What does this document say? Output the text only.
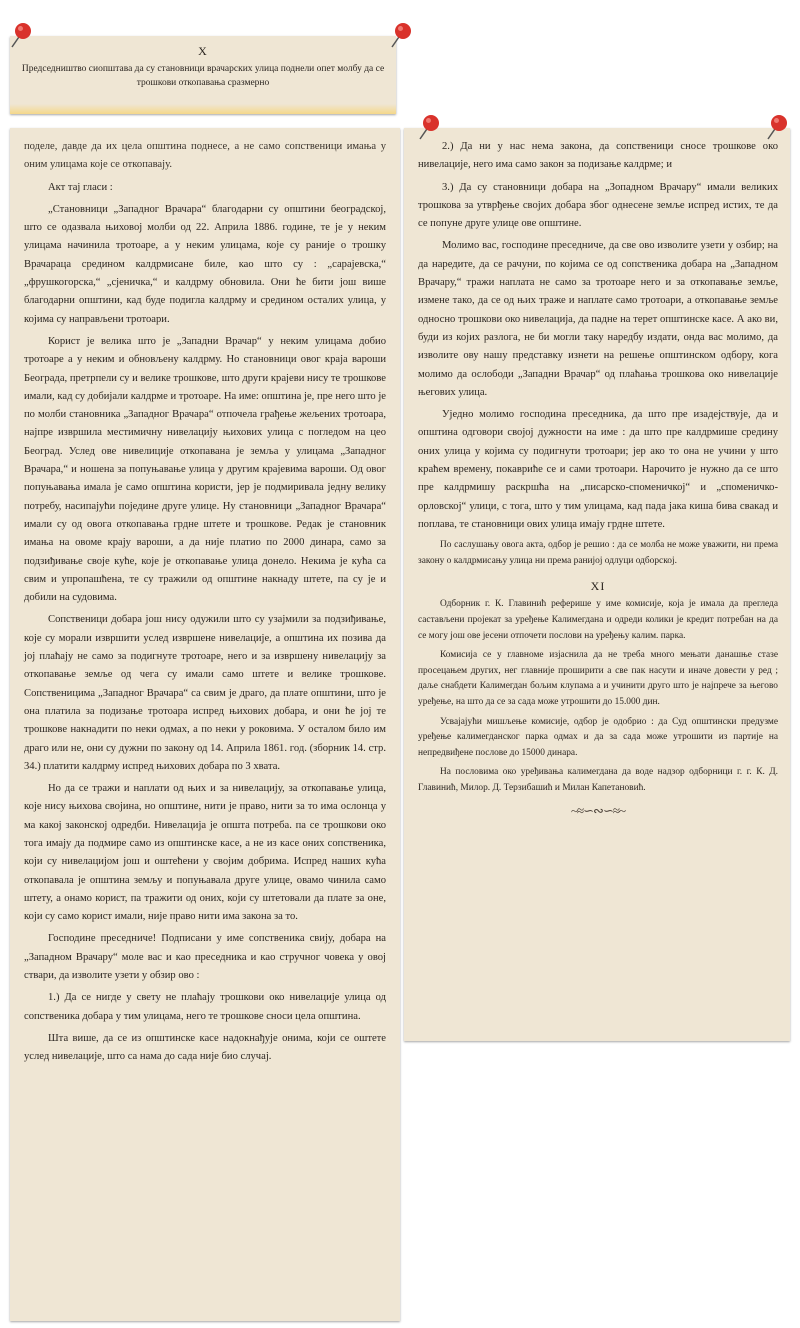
X

Председништво сиопштава да су становници врачарских улица поднели опет молбу да се трошкови откопавања сразмерно

поделе, давде да их цела општина поднесе, а не само сопственици имања у оним улицама које се откопавају.

Акт тај гласи :

„Становници „Западног Врачара“ благодарни су општини београдској, што се одазвала њиховој молби од 22. Априла 1886. године, те је у неким улицама начинила тротоаре, а у неким улицама, које су раније о трошку Врачараца средином калдрмисане биле, као што су : „сарајевска,“ „фрушкогорска,“ „сјеничка,“ и калдрму обновила. Они ће бити још више благодарни општини, кад буде подигла калдрму и средином осталих улица, у којима су направљени тротоари.

Корист је велика што је „Западни Врачар“ у неким улицама добио тротоаре а у неким и обновљену калдрму. Но становници овог краја вароши Београда, претрпели су и велике трошкове, што други крајеви нису те трошкове имали, кад су добијали калдрме и тротоаре. На име: општина је, пре него што је по молби становника „Западног Врачара“ отпочела грађење жељених тротоара, најпре извршила местимичну нивелацију њихових улица с погледом на цео Београд. Услед ове нивелиције откопавана је земља у улицама „Западног Врачара,“ и ношена за попуњавање улица у другим крајевима вароши. Од овог попуњавања имала је само општина користи, јер је подмиривала једну велику потребу, насипајући поједине друге улице. Ну становници „Западног Врачара“ имали су од овога откопавања грдне штете и трошкове. Редак је становник имања на овоме крају вароши, а да није платио по 2000 динара, само за подзиђивање своје куће, које је откопавање улица донело. Некима је кућа са свим и упропашћена, те су тражили од општине накнаду штете, па су је и добили на судовима.

Сопственици добара још нису одужили што су узајмили за подзиђивање, које су морали извршити услед извршене нивелације, а општина их позива да јој плаћају не само за подигнуте тротоаре, него и за извршену нивелацију за откопавање земље од чега су имали само штете и велике трошкове. Сопственицима „Западног Врачара“ са свим је драго, да плате општини, што је она платила за подизање тротоара испред њихових добара, и они ће јој те трошкове накнадити по неки одмах, а по неки у роковима. У осталом било им драго или не, они су дужни по закону од 14. Априла 1861. год. (зборник 14. стр. 34.) платити калдрму испред њихових добара по 3 хвата.

Но да се тражи и наплати од њих и за нивелацију, за откопавање улица, које нису њихова својина, но општине, нити је право, нити за то има ослонца у ма какој законској одредби. Нивелација је општа потреба. па се трошкови око тога имају да подмире само из општинске касе, а не из касе оних сопственика, који су нивелацијом још и оштећени у својим добрима. Испред наших кућа откопавала је општина земљу и попуњавала друге улице, овамо чинила само штету, а онамо корист, па тражити од оних, који су штетовали да плате за оне, који су само корист имали, није право нити има закона за то.

Господине преседниче! Подписани у име сопственика свију, добара на „Западном Врачару“ моле вас и као преседника и као стручног човека у овој ствари, да изволите узети у обзир ово :

1.) Да се нигде у свету не плаћају трошкови око нивелације улица од сопственика добара у тим улицама, него те трошкове сноси цела општина.

Шта више, да се из општинске касе надокнађује онима, који се оштете услед нивелације, што са нама до сада није био случај.

2.) Да ни у нас нема закона, да сопственици сносе трошкове око нивелације, него има само закон за подизање калдрме; и

3.) Да су становници добара на „Зопадном Врачару“ имали великих трошкова за утврђење својих добара због однесене земље испред истих, те да се попуне друге улице ове општине.

Молимо вас, господине преседниче, да све ово изволите узети у озбир; на да наредите, да се рачуни, по којима се од сопственика добара на „Западном Врачару,“ тражи наплата не само за тротоаре него и за откопавање земље, измене тако, да се од њих траже и наплате само тротоари, а откопавање земље односно трошкови око нивелација, да падне на терет општинске касе. А ако ви, буди из којих разлога, не би могли таку наредбу издати, онда вас молимо, да изволите ову нашу представку изнети на решење општинском одбору, кога молимо да ослободи „Западни Врачар“ од плаћања трошкова око нивелације његових улица.

Уједно молимо господина преседника, да што пре изадејствује, да и општина одговори својој дужности на име : да што пре калдрмише средину оних улица у којима су подигнути тротоари; јер ако то она не учини у што краћем времену, покавриће се и сами тротоари. Нарочито је нужно да се што пре калдрмишу раскршћа на „писарско-споменичкој“ и „споменичко-орловској“ улици, с тога, што у тим улицама, кад пада јака киша бива свакад и поплава, те становници ових улица имају грдне штете.

По саслушању овога акта, одбор је решио : да се молба не може уважити, ни према закону о калдрмисању улица ни према ранијој одлуци одборској.

XI

Одборник г. К. Главинић реферише у име комисије, која је имала да прегледа састављени пројекат за уређење Калимегдана и одреди колики је кредит потребан на да се могу још ове јесени отпочети послови на уређењу калим. парка.

Комисија се у главноме изјаснила да не треба много мењати данашње стазе просецањем других, нег главније проширити а све пак насути и иначе довести у ред ; даље снабдети Калимегдан бољим клупама а и учинити друго што је најпрече за његово уређење, на што да се за сада може утрошити до 15.000 дин.

Усвајајући мишљење комисије, одбор је одобрио : да Суд општински предузме уређење калимегданског парка одмах и да за сада може утрошити из партије на непредвиђене послове до 15000 динара.

На пословима око уређивања калимегдана да воде надзор одборници г. г. К. Д. Главинић, Милор. Д. Терзибашић и Милан Капетановић.

~≈∽∾∽≈~
